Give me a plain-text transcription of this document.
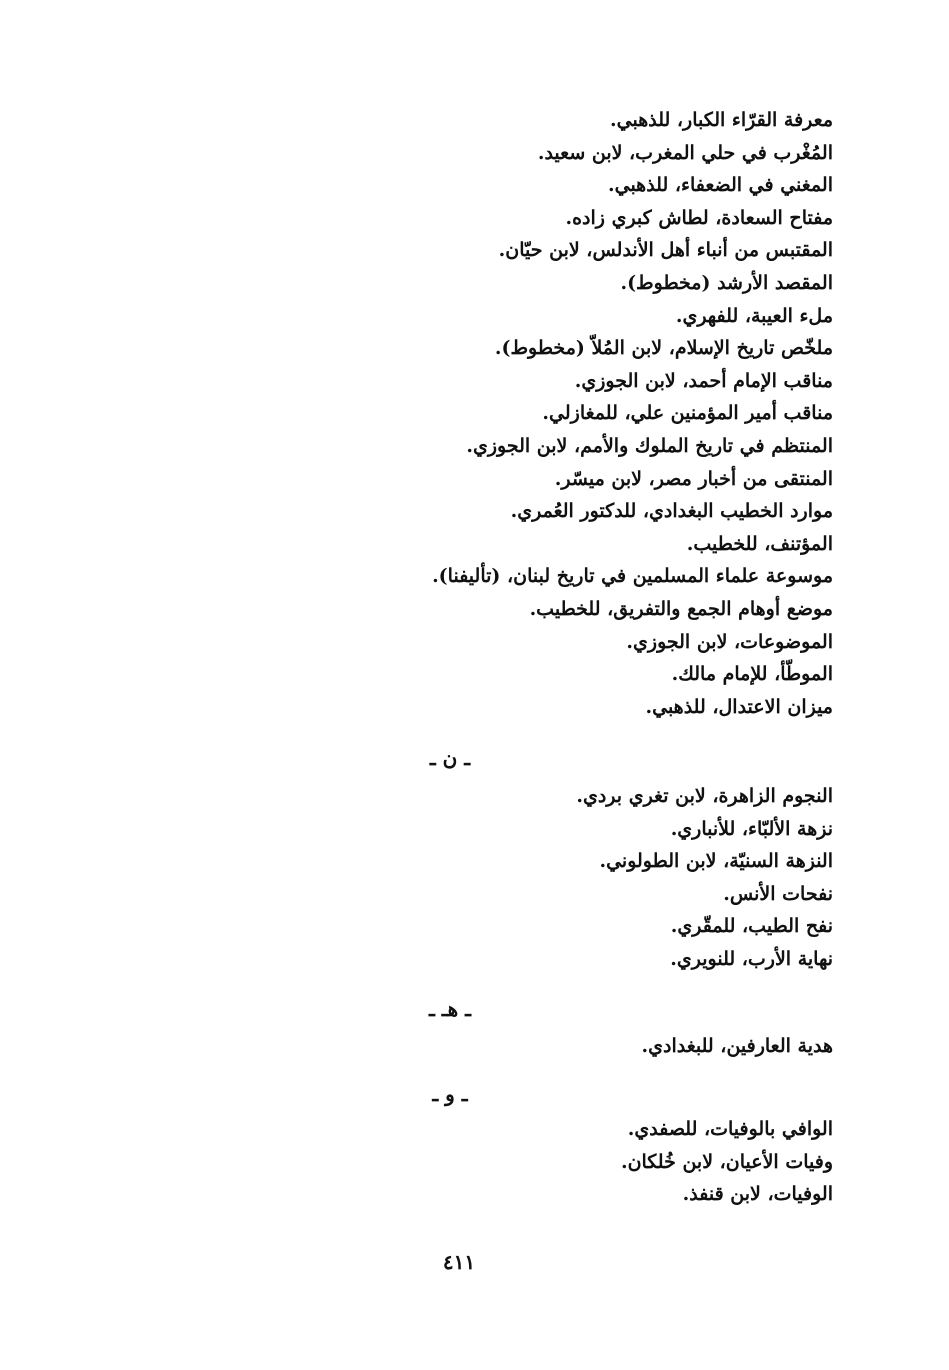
معرفة القرّاء الكبار، للذهبي.
المُغْرب في حلي المغرب، لابن سعيد.
المغني في الضعفاء، للذهبي.
مفتاح السعادة، لطاش كبري زاده.
المقتبس من أنباء أهل الأندلس، لابن حيّان.
المقصد الأرشد (مخطوط).
ملء العيبة، للفهري.
ملخّص تاريخ الإسلام، لابن المُلاّ (مخطوط).
مناقب الإمام أحمد، لابن الجوزي.
مناقب أمير المؤمنين علي، للمغازلي.
المنتظم في تاريخ الملوك والأمم، لابن الجوزي.
المنتقى من أخبار مصر، لابن ميسّر.
موارد الخطيب البغدادي، للدكتور العُمري.
المؤتنف، للخطيب.
موسوعة علماء المسلمين في تاريخ لبنان، (تأليفنا).
موضع أوهام الجمع والتفريق، للخطيب.
الموضوعات، لابن الجوزي.
الموطّأ، للإمام مالك.
ميزان الاعتدال، للذهبي.
ـ ن ـ
النجوم الزاهرة، لابن تغري بردي.
نزهة الألبّاء، للأنباري.
النزهة السنيّة، لابن الطولوني.
نفحات الأنس.
نفح الطيب، للمقّري.
نهاية الأرب، للنويري.
ـ هـ ـ
هدية العارفين، للبغدادي.
ـ و ـ
الوافي بالوفيات، للصفدي.
وفيات الأعيان، لابن خُلكان.
الوفيات، لابن قنفذ.
٤١١
